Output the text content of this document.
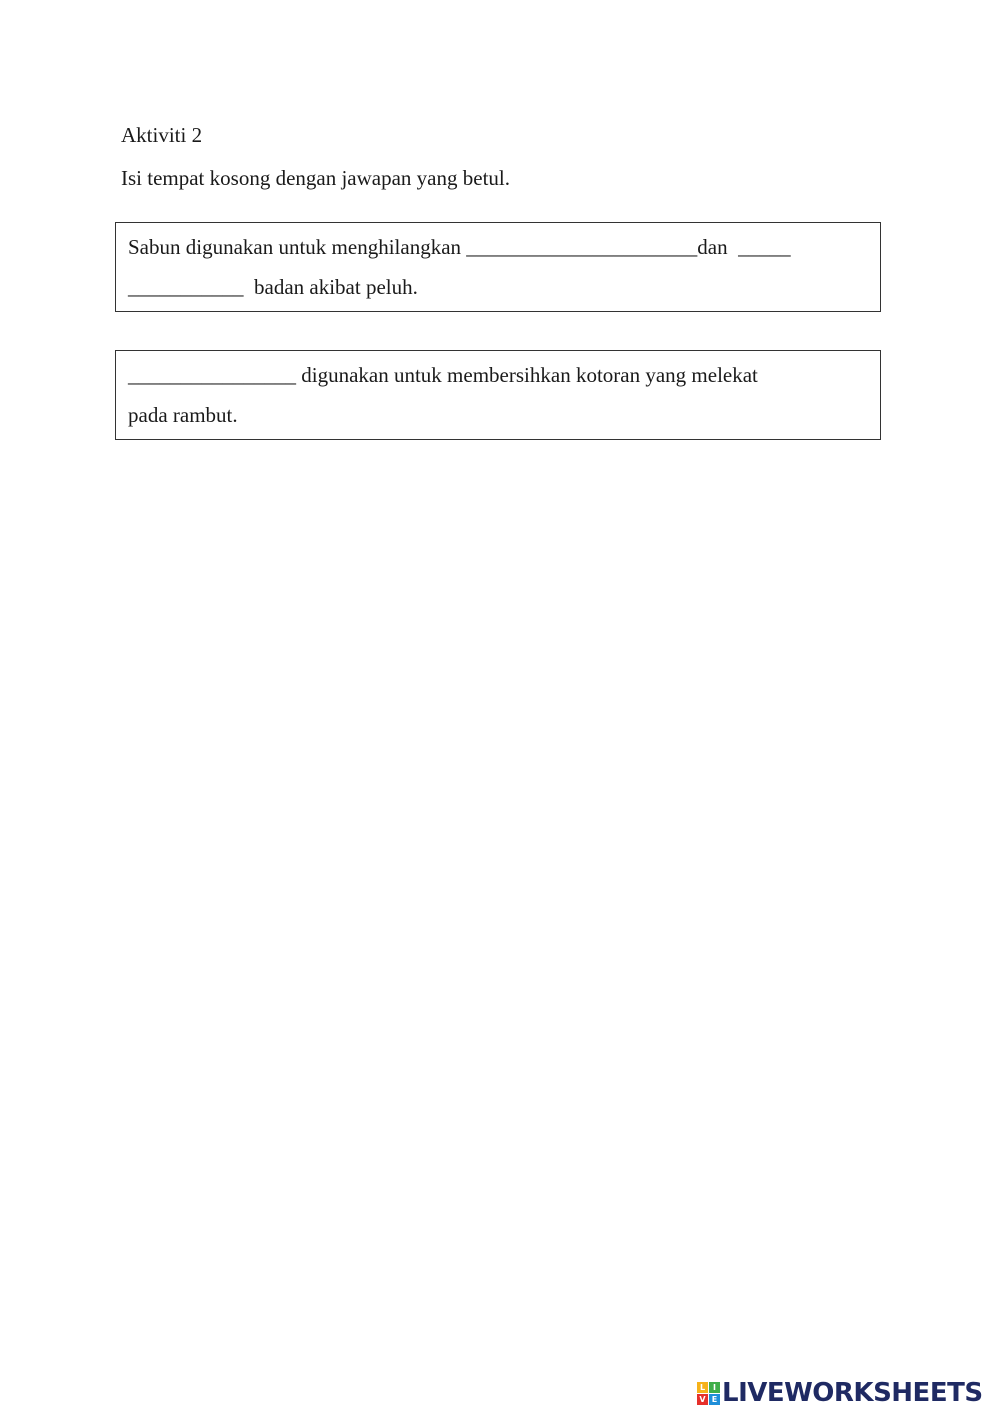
Aktiviti 2

Isi tempat kosong dengan jawapan yang betul.

Sabun digunakan untuk menghilangkan ______________________dan  _____
___________  badan akibat peluh.
________________ digunakan untuk membersihkan kotoran yang melekat
pada rambut.
L I
V E LIVEWORKSHEETS
